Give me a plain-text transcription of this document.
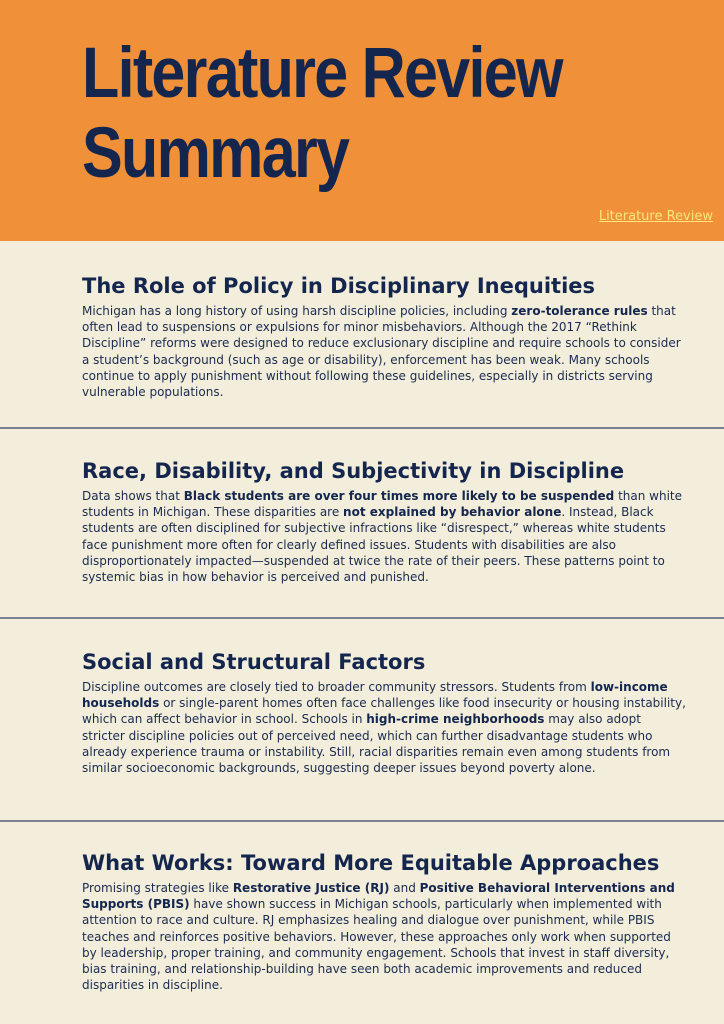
Literature Review
Summary
Literature Review
The Role of Policy in Disciplinary Inequities

Michigan has a long history of using harsh discipline policies, including zero-tolerance rules that often lead to suspensions or expulsions for minor misbehaviors. Although the 2017 “Rethink Discipline” reforms were designed to reduce exclusionary discipline and require schools to consider a student’s background (such as age or disability), enforcement has been weak. Many schools continue to apply punishment without following these guidelines, especially in districts serving vulnerable populations.

Race, Disability, and Subjectivity in Discipline

Data shows that Black students are over four times more likely to be suspended than white students in Michigan. These disparities are not explained by behavior alone. Instead, Black students are often disciplined for subjective infractions like “disrespect,” whereas white students face punishment more often for clearly defined issues. Students with disabilities are also disproportionately impacted—suspended at twice the rate of their peers. These patterns point to systemic bias in how behavior is perceived and punished.

Social and Structural Factors

Discipline outcomes are closely tied to broader community stressors. Students from low-income households or single-parent homes often face challenges like food insecurity or housing instability, which can affect behavior in school. Schools in high-crime neighborhoods may also adopt stricter discipline policies out of perceived need, which can further disadvantage students who already experience trauma or instability. Still, racial disparities remain even among students from similar socioeconomic backgrounds, suggesting deeper issues beyond poverty alone.

What Works: Toward More Equitable Approaches

Promising strategies like Restorative Justice (RJ) and Positive Behavioral Interventions and Supports (PBIS) have shown success in Michigan schools, particularly when implemented with attention to race and culture. RJ emphasizes healing and dialogue over punishment, while PBIS teaches and reinforces positive behaviors. However, these approaches only work when supported by leadership, proper training, and community engagement. Schools that invest in staff diversity, bias training, and relationship-building have seen both academic improvements and reduced disparities in discipline.
